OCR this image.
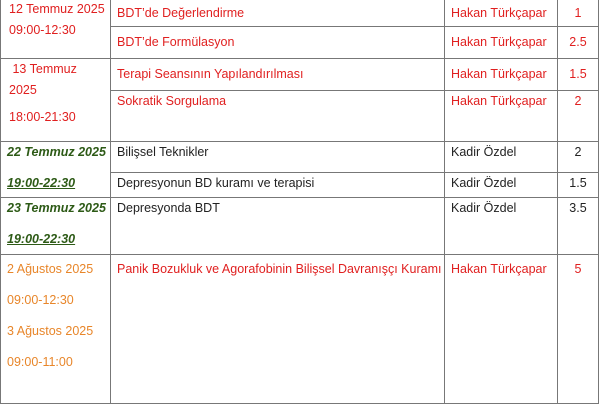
12 Temmuz 2025
09:00-12:30	BDT’de Değerlendirme	Hakan Türkçapar	1

	BDT’de Formülasyon	Hakan Türkçapar	2.5

13 Temmuz
2025
18:00-21:30	Terapi Seansının Yapılandırılması	Hakan Türkçapar	1.5

	Sokratik Sorgulama	Hakan Türkçapar	2

22 Temmuz 2025
19:00-22:30	Bilişsel Teknikler	Kadir Özdel	2

	Depresyonun BD kuramı ve terapisi	Kadir Özdel	1.5

23 Temmuz 2025
19:00-22:30	Depresyonda BDT	Kadir Özdel	3.5

2 Ağustos 2025
09:00-12:30
3 Ağustos 2025
09:00-11:00	Panik Bozukluk ve Agorafobinin Bilişsel Davranışçı Kuramı	Hakan Türkçapar	5
